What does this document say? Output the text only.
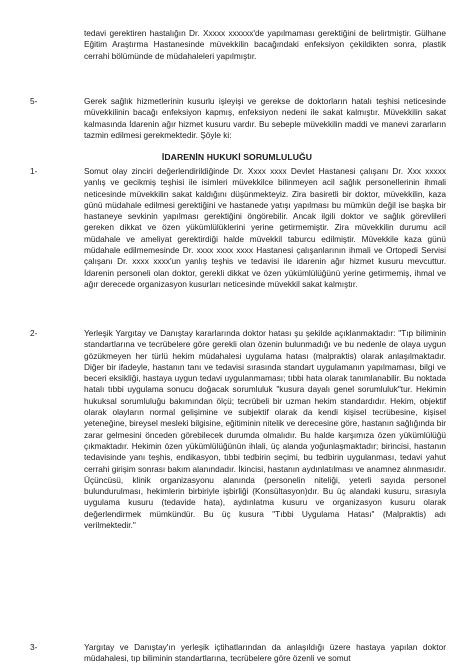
tedavi gerektiren hastalığın Dr. Xxxxx xxxxxx'de yapılmaması gerektiğini de belirtmiştir. Gülhane Eğitim Araştırma Hastanesinde müvekkilin bacağındaki enfeksiyon çekildikten sonra, plastik cerrahi bölümünde de müdahaleleri yapılmıştır.
5-	Gerek sağlık hizmetlerinin kusurlu işleyişi ve gerekse de doktorların hatalı teşhisi neticesinde müvekkilinin bacağı enfeksiyon kapmış, enfeksiyon nedeni ile sakat kalmıştır. Müvekkilin sakat kalmasında İdarenin ağır hizmet kusuru vardır. Bu sebeple müvekkilin maddi ve manevi zararların tazmin edilmesi gerekmektedir. Şöyle ki:
İDARENİN HUKUKİ SORUMLULUĞU
1-	Somut olay zinciri değerlendirildiğinde Dr. Xxxx xxxx Devlet Hastanesi çalışanı Dr. Xxx xxxxx yanlış ve gecikmiş teşhisi ile isimleri müvekkilce bilinmeyen acil sağlık personellerinin ihmali neticesinde müvekkilin sakat kaldığını düşünmekteyiz. Zira basiretli bir doktor, müvekkilin, kaza günü müdahale edilmesi gerektiğini ve hastanede yatışı yapılması bu mümkün değil ise başka bir hastaneye sevkinin yapılması gerektiğini öngörebilir. Ancak ilgili doktor ve sağlık görevlileri gereken dikkat ve özen yükümlülüklerini yerine getirmemiştir. Zira müvekkilin durumu acil müdahale ve ameliyat gerektirdiği halde müvekkil taburcu edilmiştir. Müvekkile kaza günü müdahale edilmemesinde Dr. xxxx xxxx xxxx Hastanesi çalışanlarının ihmali ve Ortopedi Servisi çalışanı Dr. xxxx xxxx'un yanlış teşhis ve tedavisi ile idarenin ağır hizmet kusuru mevcuttur. İdarenin personeli olan doktor, gerekli dikkat ve özen yükümlülüğünü yerine getirmemiş, ihmal ve ağır derecede organizasyon kusurları neticesinde müvekkil sakat kalmıştır.
2-	Yerleşik Yargıtay ve Danıştay kararlarında doktor hatası şu şekilde açıklanmaktadır: "Tıp biliminin standartlarına ve tecrübelere göre gerekli olan özenin bulunmadığı ve bu nedenle de olaya uygun gözükmeyen her türlü hekim müdahalesi uygulama hatası (malpraktis) olarak anlaşılmaktadır. Diğer bir ifadeyle, hastanın tanı ve tedavisi sırasında standart uygulamanın yapılmaması, bilgi ve beceri eksikliği, hastaya uygun tedavi uygulanmaması; tıbbi hata olarak tanımlanabilir. Bu noktada hatalı tıbbi uygulama sonucu doğacak sorumluluk "kusura dayalı genel sorumluluk"tur. Hekimin hukuksal sorumluluğu bakımından ölçü; tecrübeli bir uzman hekim standardıdır. Hekim, objektif olarak olayların normal gelişimine ve subjektif olarak da kendi kişisel tecrübesine, kişisel yeteneğine, bireysel mesleki bilgisine, eğitiminin nitelik ve derecesine göre, hastanın sağlığında bir zarar gelmesini önceden görebilecek durumda olmalıdır. Bu halde karşımıza özen yükümlülüğü çıkmaktadır. Hekimin özen yükümlülüğünün ihlali, üç alanda yoğunlaşmaktadır; birincisi, hastanın tedavisinde yanı teşhis, endikasyon, tıbbi tedbirin seçimi, bu tedbirin uygulanması, tedavi yahut cerrahi girişim sonrası bakım alanındadır. İkincisi, hastanın aydınlatılması ve anamnez alınmasıdır. Üçüncüsü, klinik organizasyonu alanında (personelin niteliği, yeterli sayıda personel bulundurulması, hekimlerin birbiriyle işbirliği (Konsültasyon)dır. Bu üç alandaki kusuru, sırasıyla uygulama kusuru (tedavide hata), aydınlatma kusuru ve organizasyon kusuru olarak değerlendirmek mümkündür. Bu üç kusura "Tıbbi Uygulama Hatası" (Malpraktis) adı verilmektedir."
3-	Yargıtay ve Danıştay'ın yerleşik içtihatlarından da anlaşıldığı üzere hastaya yapılan doktor müdahalesi, tıp biliminin standartlarına, tecrübelere göre özenli ve somut
